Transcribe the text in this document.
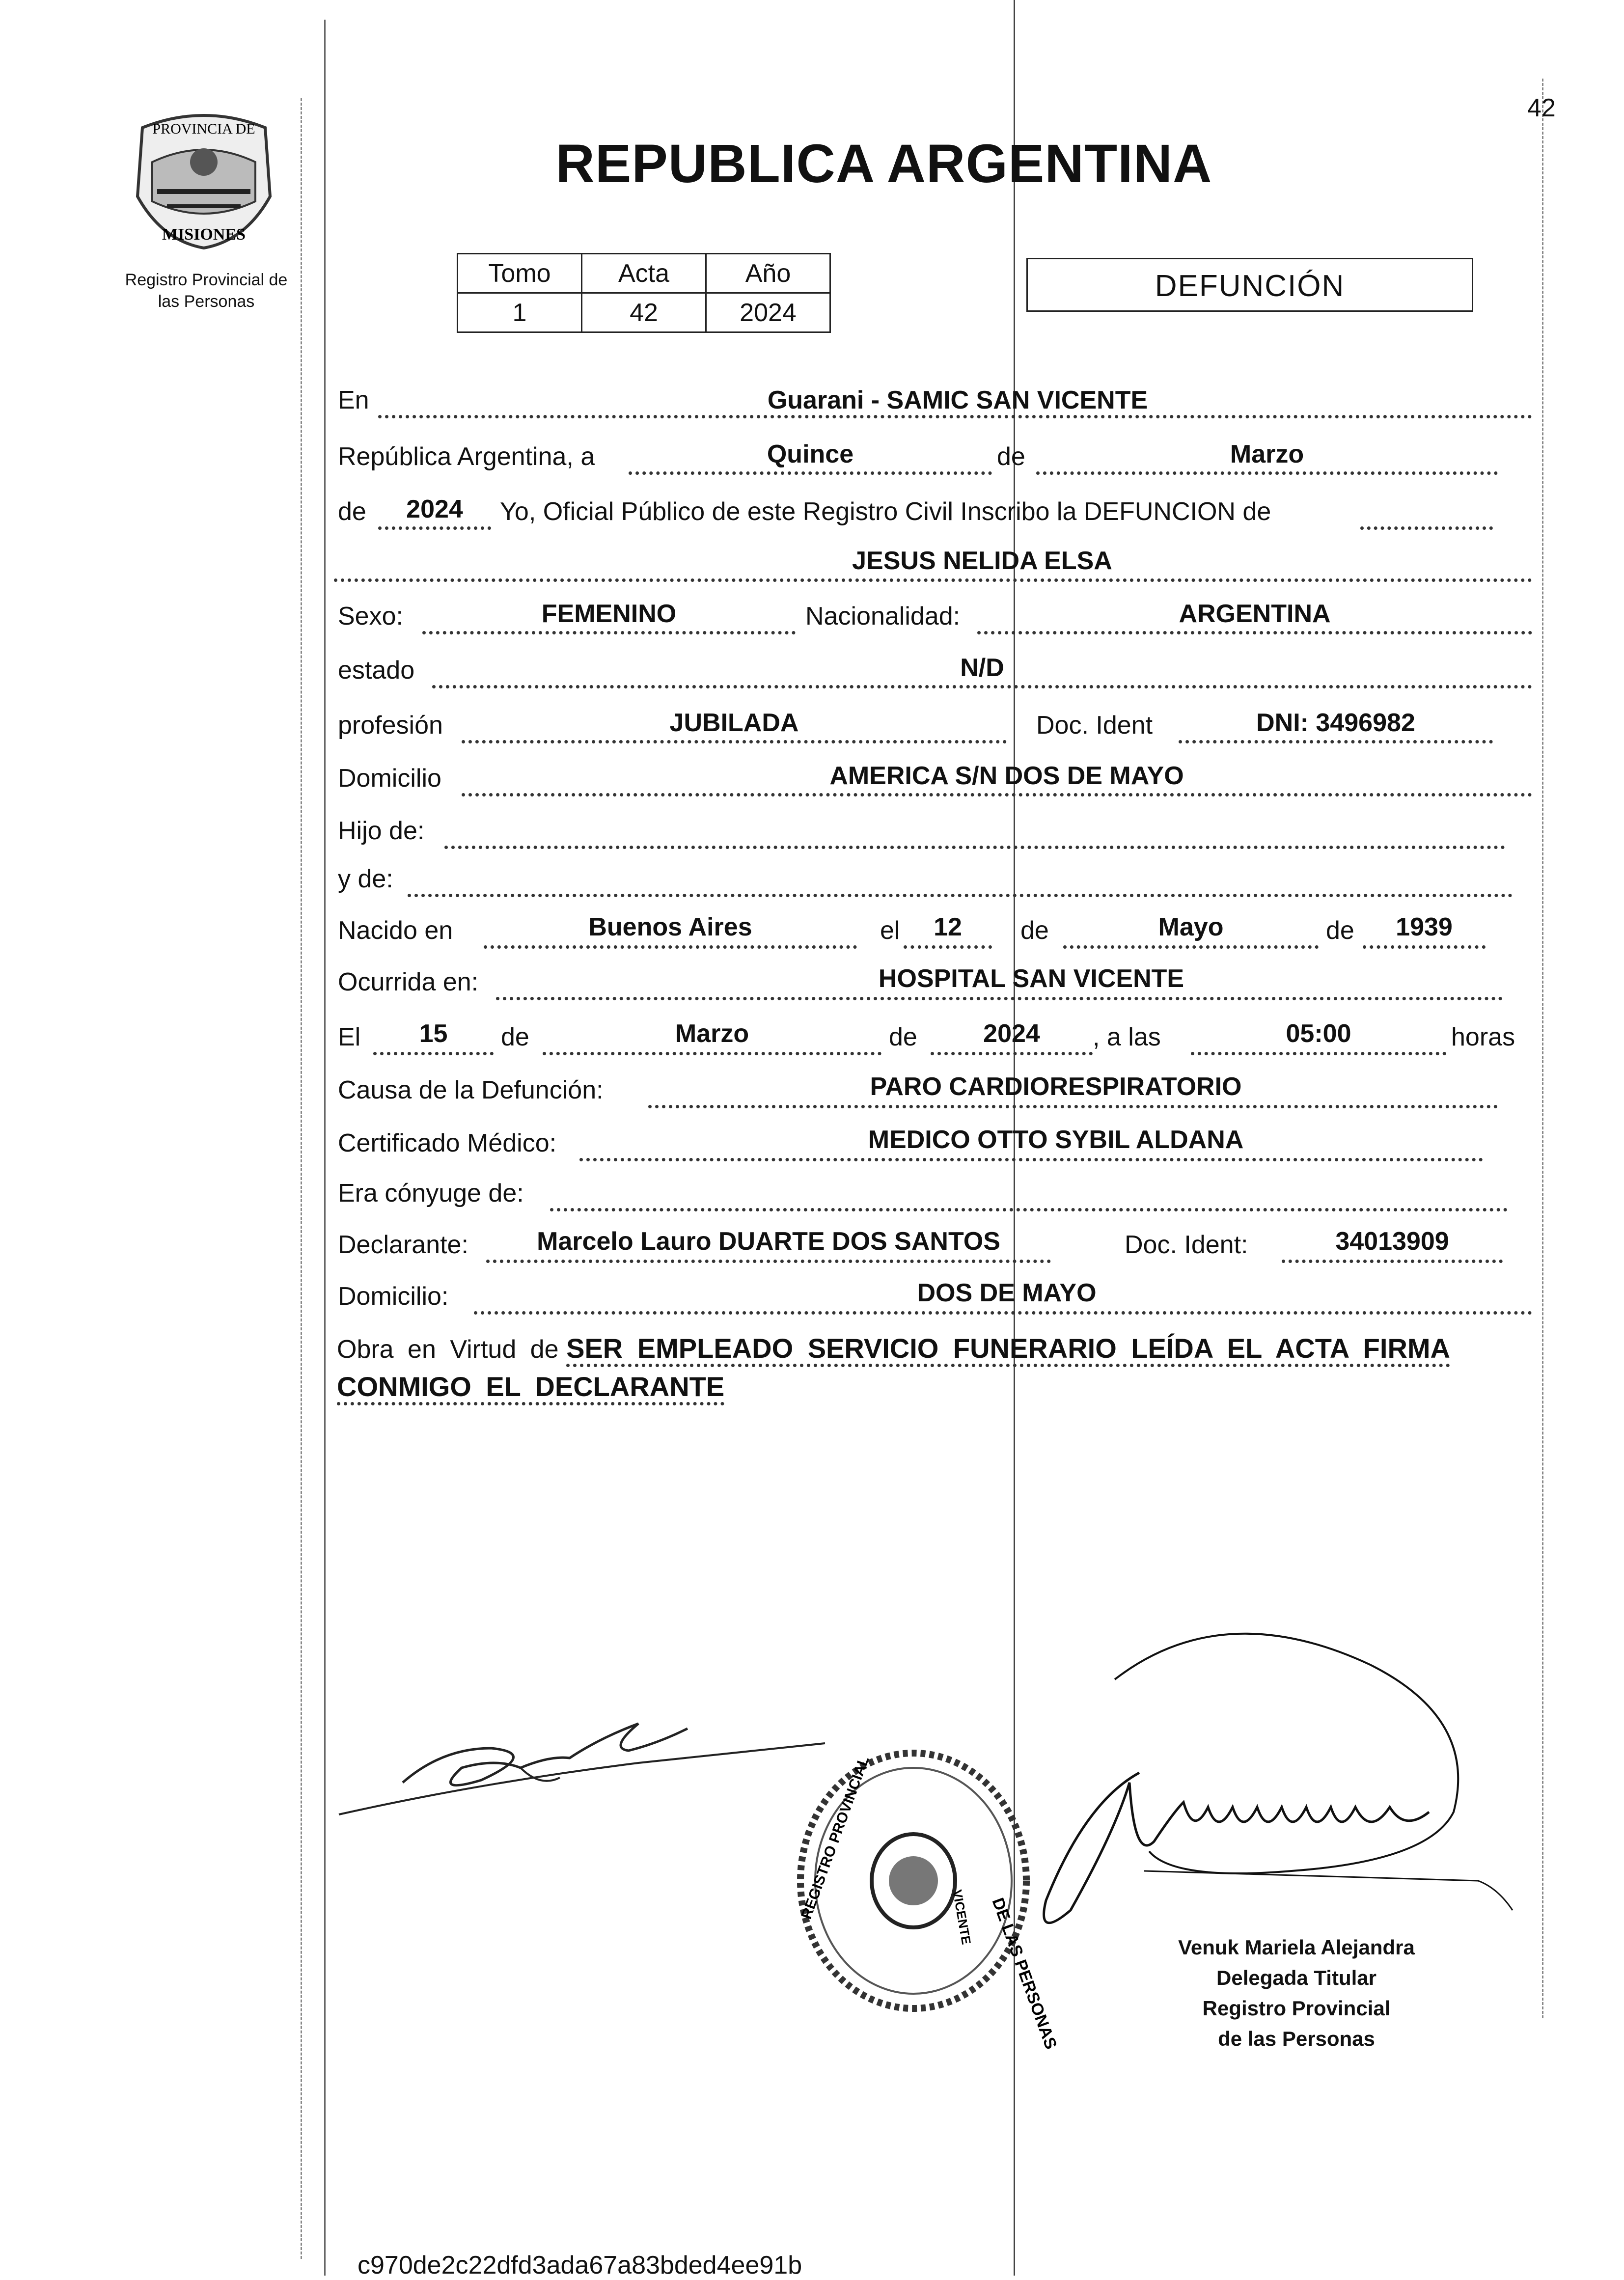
42
PROVINCIA DE
MISIONES
Registro Provincial de
las Personas
REPUBLICA ARGENTINA
Tomo	Acta	Año
1	42	2024
DEFUNCIÓN
En	Guarani - SAMIC SAN VICENTE
República Argentina, a	Quince	de	Marzo
de	2024	Yo, Oficial Público de este Registro Civil Inscribo la DEFUNCION de
JESUS NELIDA ELSA
Sexo:	FEMENINO	Nacionalidad:	ARGENTINA
estado	N/D
profesión	JUBILADA	Doc. Ident	DNI: 3496982
Domicilio	AMERICA S/N DOS DE MAYO
Hijo de:
y de:
Nacido en	Buenos Aires	el	12	de	Mayo	de	1939
Ocurrida en:	HOSPITAL SAN VICENTE
El	15	de	Marzo	de	2024	, a las	05:00	horas
Causa de la Defunción:	PARO CARDIORESPIRATORIO
Certificado Médico:	MEDICO OTTO SYBIL ALDANA
Era cónyuge de:
Declarante:	Marcelo Lauro DUARTE DOS SANTOS	Doc. Ident:	34013909
Domicilio:	DOS DE MAYO
Obra en Virtud de SER EMPLEADO SERVICIO FUNERARIO LEÍDA EL ACTA FIRMA CONMIGO EL DECLARANTE
DE LAS PERSONAS
REGISTRO PROVINCIAL	VICENTE
Venuk Mariela Alejandra
Delegada Titular
Registro Provincial
de las Personas
c970de2c22dfd3ada67a83bded4ee91b
